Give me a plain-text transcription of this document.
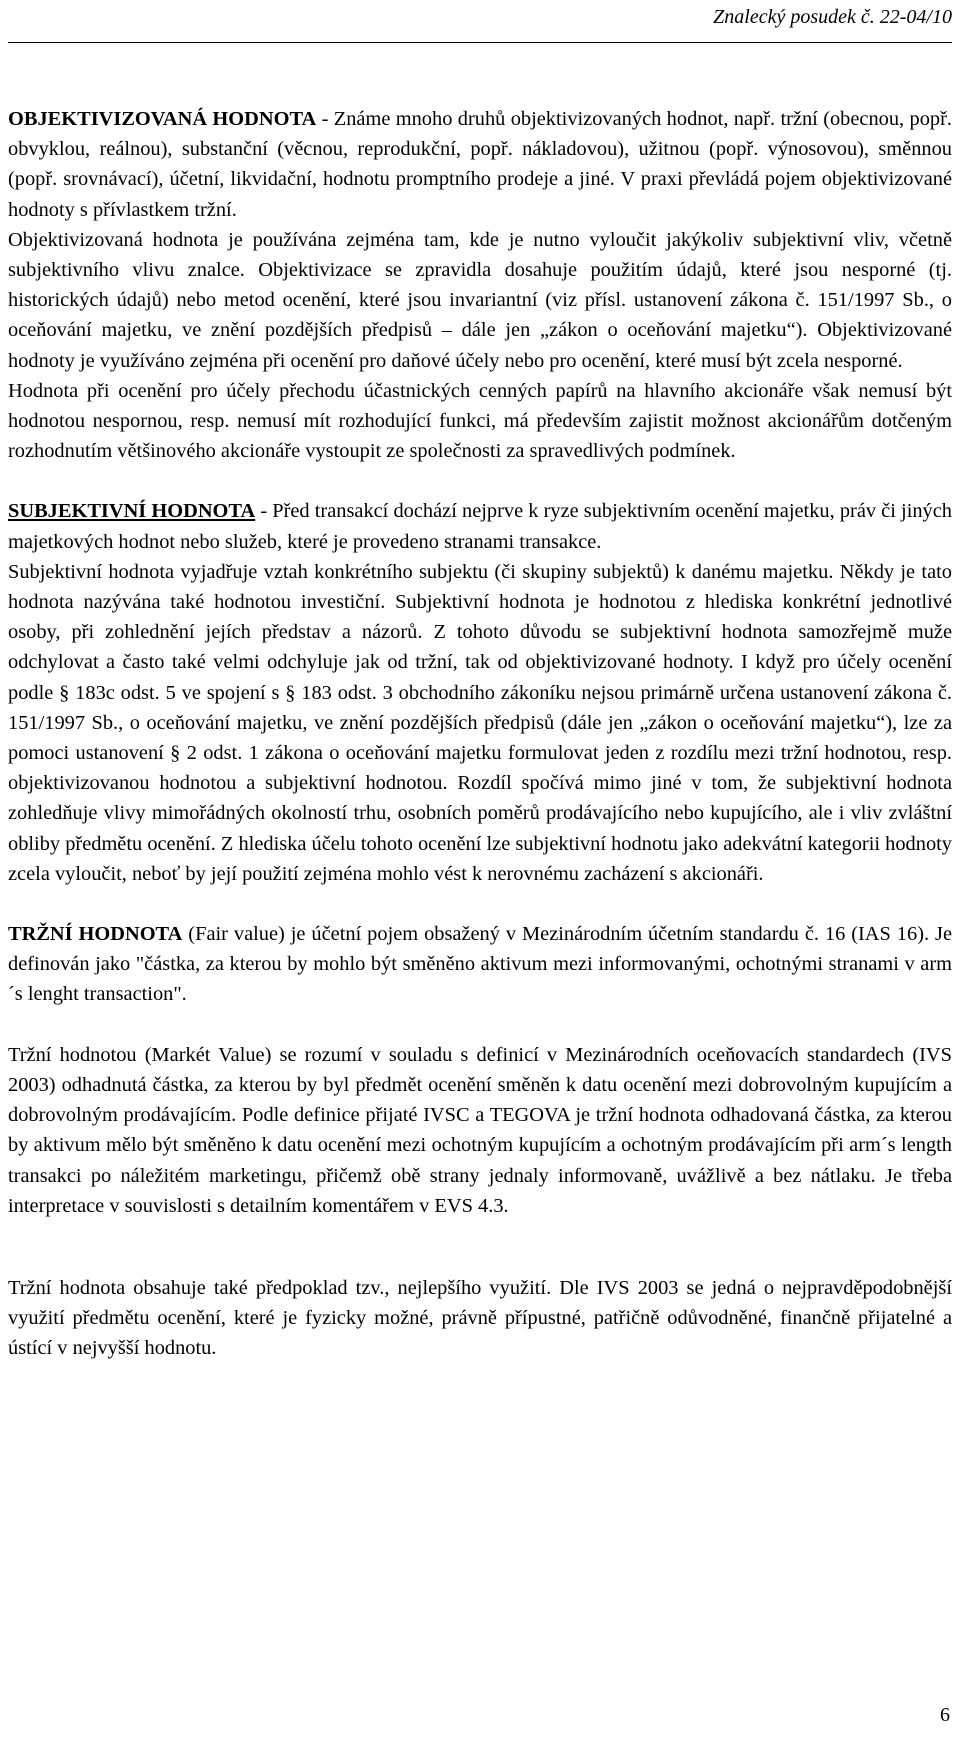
Znalecký posudek č. 22-04/10

OBJEKTIVIZOVANÁ HODNOTA - Známe mnoho druhů objektivizovaných hodnot, např. tržní (obecnou, popř. obvyklou, reálnou), substanční (věcnou, reprodukční, popř. nákladovou), užitnou (popř. výnosovou), směnnou (popř. srovnávací), účetní, likvidační, hodnotu promptního prodeje a jiné. V praxi převládá pojem objektivizované hodnoty s přívlastkem tržní.

Objektivizovaná hodnota je používána zejména tam, kde je nutno vyloučit jakýkoliv subjektivní vliv, včetně subjektivního vlivu znalce. Objektivizace se zpravidla dosahuje použitím údajů, které jsou nesporné (tj. historických údajů) nebo metod ocenění, které jsou invariantní (viz přísl. ustanovení zákona č. 151/1997 Sb., o oceňování majetku, ve znění pozdějších předpisů – dále jen „zákon o oceňování majetku“). Objektivizované hodnoty je využíváno zejména při ocenění pro daňové účely nebo pro ocenění, které musí být zcela nesporné.

Hodnota při ocenění pro účely přechodu účastnických cenných papírů na hlavního akcionáře však nemusí být hodnotou nespornou, resp. nemusí mít rozhodující funkci, má především zajistit možnost akcionářům dotčeným rozhodnutím většinového akcionáře vystoupit ze společnosti za spravedlivých podmínek.

SUBJEKTIVNÍ HODNOTA - Před transakcí dochází nejprve k ryze subjektivním ocenění majetku, práv či jiných majetkových hodnot nebo služeb, které je provedeno stranami transakce.

Subjektivní hodnota vyjadřuje vztah konkrétního subjektu (či skupiny subjektů) k danému majetku. Někdy je tato hodnota nazývána také hodnotou investiční. Subjektivní hodnota je hodnotou z hlediska konkrétní jednotlivé osoby, při zohlednění jejích představ a názorů. Z tohoto důvodu se subjektivní hodnota samozřejmě muže odchylovat a často také velmi odchyluje jak od tržní, tak od objektivizované hodnoty. I když pro účely ocenění podle § 183c odst. 5 ve spojení s § 183 odst. 3 obchodního zákoníku nejsou primárně určena ustanovení zákona č. 151/1997 Sb., o oceňování majetku, ve znění pozdějších předpisů (dále jen „zákon o oceňování majetku“), lze za pomoci ustanovení § 2 odst. 1 zákona o oceňování majetku formulovat jeden z rozdílu mezi tržní hodnotou, resp. objektivizovanou hodnotou a subjektivní hodnotou. Rozdíl spočívá mimo jiné v tom, že subjektivní hodnota zohledňuje vlivy mimořádných okolností trhu, osobních poměrů prodávajícího nebo kupujícího, ale i vliv zvláštní obliby předmětu ocenění. Z hlediska účelu tohoto ocenění lze subjektivní hodnotu jako adekvátní kategorii hodnoty zcela vyloučit, neboť by její použití zejména mohlo vést k nerovnému zacházení s akcionáři.

TRŽNÍ HODNOTA (Fair value) je účetní pojem obsažený v Mezinárodním účetním standardu č. 16 (IAS 16). Je definován jako "částka, za kterou by mohlo být směněno aktivum mezi informovanými, ochotnými stranami v arm´s lenght transaction".

Tržní hodnotou (Markét Value) se rozumí v souladu s definicí v Mezinárodních oceňovacích standardech (IVS 2003) odhadnutá částka, za kterou by byl předmět ocenění směněn k datu ocenění mezi dobrovolným kupujícím a dobrovolným prodávajícím. Podle definice přijaté IVSC a TEGOVA je tržní hodnota odhadovaná částka, za kterou by aktivum mělo být směněno k datu ocenění mezi ochotným kupujícím a ochotným prodávajícím při arm´s length transakci po náležitém marketingu, přičemž obě strany jednaly informovaně, uvážlivě a bez nátlaku. Je třeba interpretace v souvislosti s detailním komentářem v EVS 4.3.

Tržní hodnota obsahuje také předpoklad tzv., nejlepšího využití. Dle IVS 2003 se jedná o nejpravděpodobnější využití předmětu ocenění, které je fyzicky možné, právně přípustné, patřičně odůvodněné, finančně přijatelné a ústící v nejvyšší hodnotu.

6
